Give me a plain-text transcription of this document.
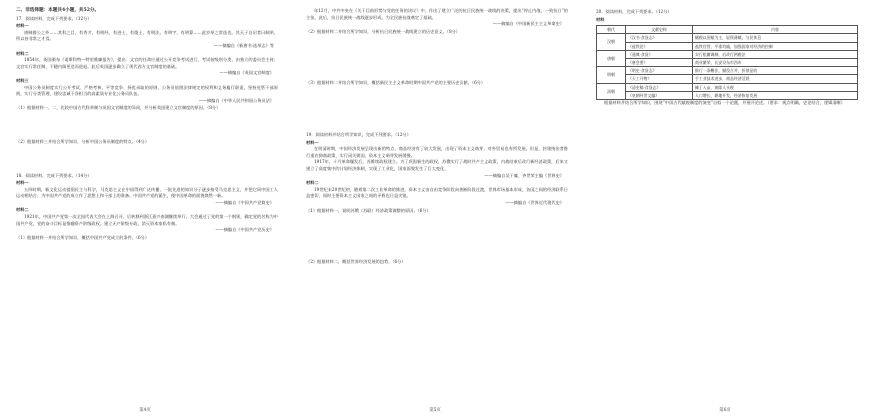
二、非选择题：本题共4小题，共52分。
17．阅读材料，完成下列要求。（12分）
材料一
唐制群公之外……其科之目，有秀才，有明经，有进士，有俊士，有明法，有明字，有明算……此岁举之常选也。其天子自诏者曰制举，所以待非常之才焉。
——摘编自《新唐书·选举志》等
材料二
1854年，英国颁布《诺斯科特—特里维廉报告》，提出：文官的任命应通过公开竞争考试进行，考试按级别分类，由独立的委员会主持；文官实行常任制，不随内阁更迭而进退。此后英国逐步确立了现代西方文官制度的基础。
——摘编自《英国文官制度》
材料三
中国公务员制度实行公开考试、严格考核、平等竞争、择优录取的原则，公务员依照法律规定的权利和义务履行职责，坚持党管干部原则，实行分类管理，建设忠诚干净担当的高素质专业化公务员队伍。
——摘编自《中华人民共和国公务员法》
（1）根据材料一、二，比较中国古代科举制与英国文官制度的异同，并分析英国建立文官制度的原因。（8分）
（2）根据材料三并结合所学知识，分析中国公务员制度的特点。（4分）
18．阅读材料，完成下列要求。（14分）
材料一
五四时期，新文化运动提倡民主与科学，马克思主义在中国得到广泛传播，一批先进的知识分子逐步接受马克思主义，并把它同中国工人运动相结合，为中国共产党的成立作了思想上和干部上的准备。中国共产党的诞生，使中国革命的面貌焕然一新。
——摘编自《中国共产党简史》
材料二
1921年，中国共产党第一次全国代表大会在上海召开，后转移到浙江嘉兴南湖继续举行。大会通过了党的第一个纲领，确定党的名称为中国共产党，党的奋斗目标是推翻资产阶级政权，建立无产阶级专政，消灭资本家私有制。
——摘编自《中国共产党历史》
（1）根据材料一并结合所学知识，概括中国共产党成立的条件。（6分）
第4页
年12月，中共中央在《关于目前形势与党的任务的决议》中，作出了建立广泛的抗日民族统一战线的决策，提出“停止内战，一致抗日”的主张。此后，抗日民族统一战线逐步形成，为全民族抗战奠定了基础。
——摘编自《中国新民主主义革命史》
（2）根据材料二并结合所学知识，分析抗日民族统一战线建立的历史意义。（8分）
（3）根据材料二并结合所学知识，概括新民主主义革命时期中国共产党的主要历史贡献。（6分）
19．阅读材料并结合所学知识，完成下列要求。（12分）
材料一
在明清时期，中国经济发展呈现出新的特点，商品经济有了较大发展，出现了资本主义萌芽，对外贸易也有所发展。但是，封建统治者推行重农抑商政策，实行闭关锁国，资本主义萌芽发展缓慢。
1917年，十月革命爆发后，苏维埃政权建立。为了巩固新生的政权，苏俄实行了战时共产主义政策，内战结束后改行新经济政策，后来又建立了高度集中的计划经济体制，实现了工业化，国家面貌发生了巨大变化。
——摘编自吴于廑、齐世荣主编《世界史》
材料二
19世纪末20世纪初，随着第二次工业革命的推进，资本主义由自由竞争阶段向垄断阶段过渡，世界市场基本形成，各国之间的经济联系日益密切，同时主要资本主义国家之间的矛盾也日益尖锐。
——摘编自《世界近代现代史》
（1）根据材料一，说明苏俄（苏联）经济政策调整的原因。（6分）
（2）根据材料二，概括世界经济发展的趋势。（6分）
第5页
20．阅读材料，完成下列要求。（12分）
材料
朝代	文献史料	内容
汉朝	《汉书·食货志》	赋税以田赋为主，轻徭薄赋，与民休息
	《盐铁论》	盐铁官营，平准均输，加强国家对经济的控制
唐朝	《通典·食货》	实行租庸调制，后改行两税法
	《唐会要》	商业繁荣，长安设东市西市
明朝	《明史·食货志》	推行一条鞭法，赋役合并，折银征收
	《天工开物》	手工业技术进步，商品经济活跃
清朝	《清史稿·食货志》	摊丁入亩，废除人头税
	《皇朝经世文编》	人口增长，耕地开发，经济恢复发展
根据材料并结合所学知识，围绕“中国古代赋税制度的演变”自拟一个论题，并展开论述。（要求：观点明确，史论结合，逻辑清晰）
第6页
